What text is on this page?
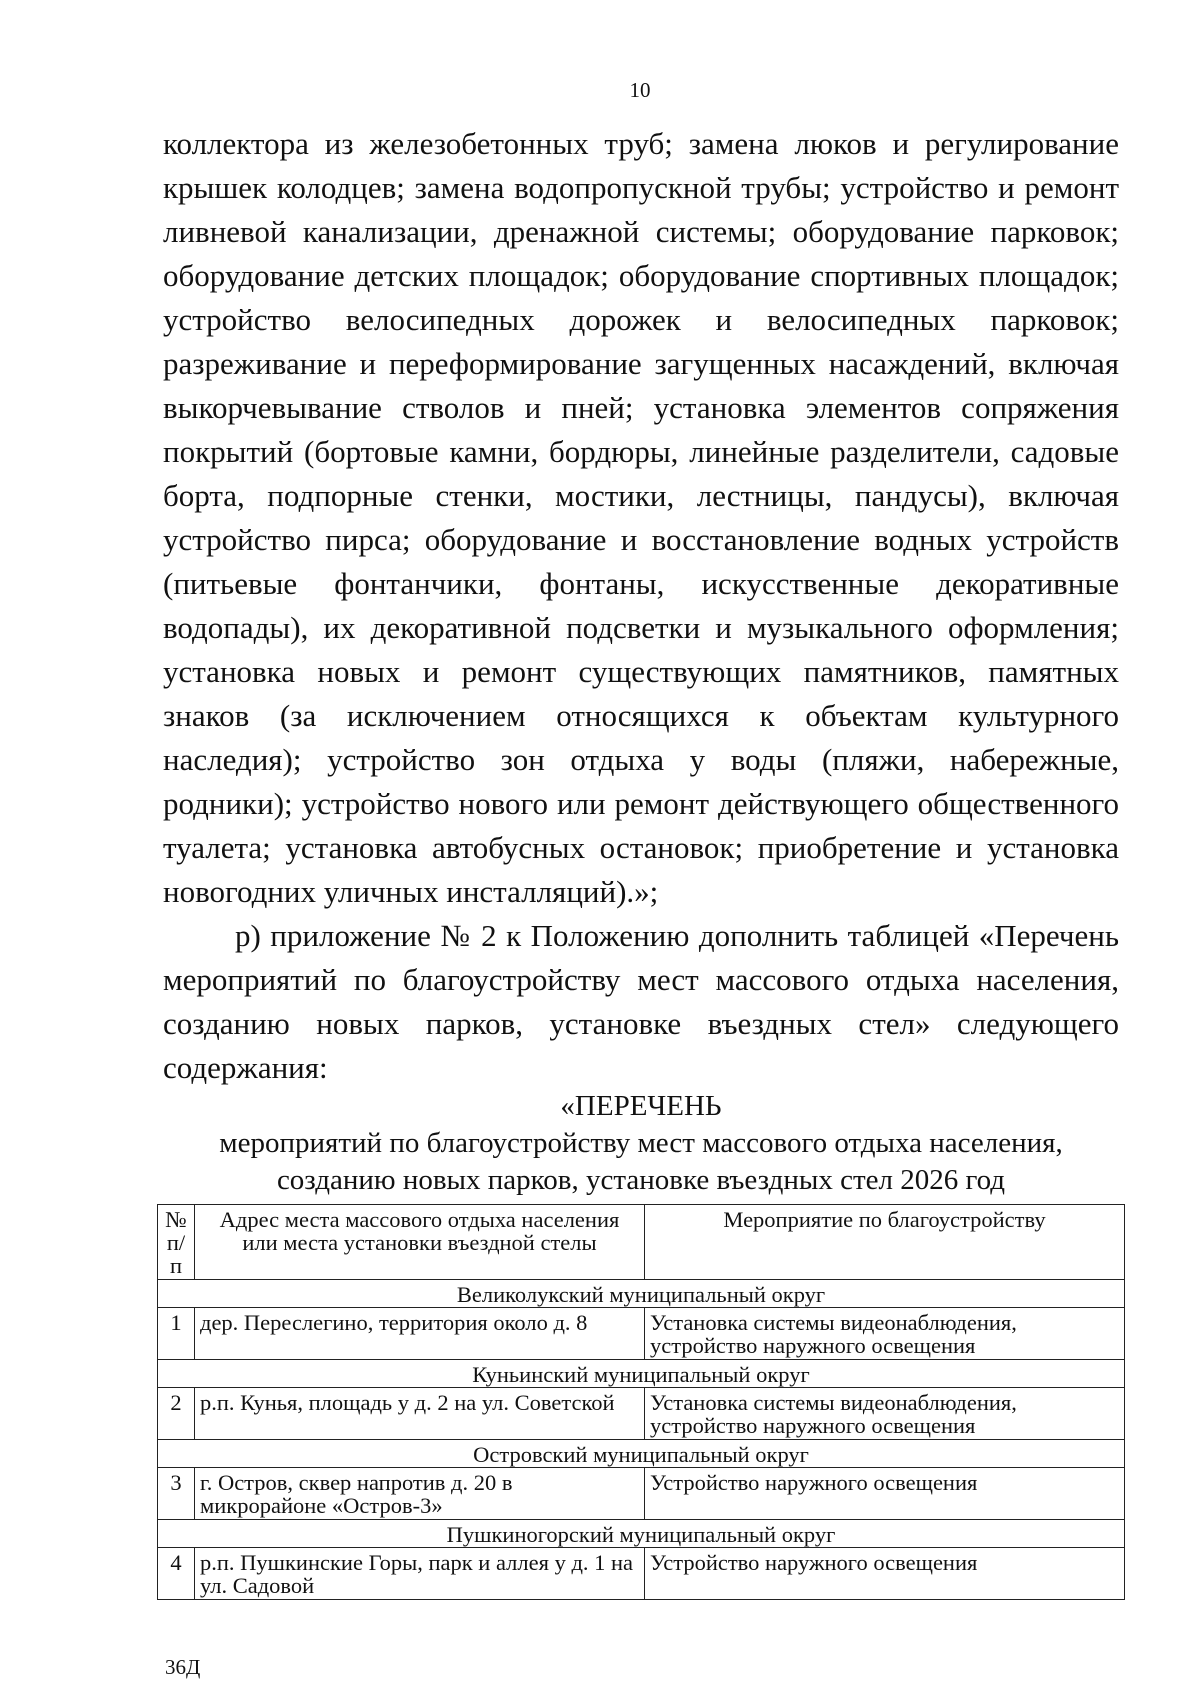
10

коллектора из железобетонных труб; замена люков и регулирование крышек колодцев; замена водопропускной трубы; устройство и ремонт ливневой канализации, дренажной системы; оборудование парковок; оборудование детских площадок; оборудование спортивных площадок; устройство велосипедных дорожек и велосипедных парковок; разреживание и переформирование загущенных насаждений, включая выкорчевывание стволов и пней; установка элементов сопряжения покрытий (бортовые камни, бордюры, линейные разделители, садовые борта, подпорные стенки, мостики, лестницы, пандусы), включая устройство пирса; оборудование и восстановление водных устройств (питьевые фонтанчики, фонтаны, искусственные декоративные водопады), их декоративной подсветки и музыкального оформления; установка новых и ремонт существующих памятников, памятных знаков (за исключением относящихся к объектам культурного наследия); устройство зон отдыха у воды (пляжи, набережные, родники); устройство нового или ремонт действующего общественного туалета; установка автобусных остановок; приобретение и установка новогодних уличных инсталляций).»;

р) приложение № 2 к Положению дополнить таблицей «Перечень мероприятий по благоустройству мест массового отдыха населения, созданию новых парков, установке въездных стел» следующего содержания:

«ПЕРЕЧЕНЬ
мероприятий по благоустройству мест массового отдыха населения,
созданию новых парков, установке въездных стел 2026 год
№ п/п	Адрес места массового отдыха населения или места установки въездной стелы	Мероприятие по благоустройству
Великолукский муниципальный округ		
1	дер. Переслегино, территория около д. 8	Установка системы видеонаблюдения, устройство наружного освещения
Куньинский муниципальный округ		
2	р.п. Кунья, площадь у д. 2 на ул. Советской	Установка системы видеонаблюдения, устройство наружного освещения
Островский муниципальный округ		
3	г. Остров, сквер напротив д. 20 в микрорайоне «Остров-3»	Устройство наружного освещения
Пушкиногорский муниципальный округ		
4	р.п. Пушкинские Горы, парк и аллея у д. 1 на ул. Садовой	Устройство наружного освещения
36Д
